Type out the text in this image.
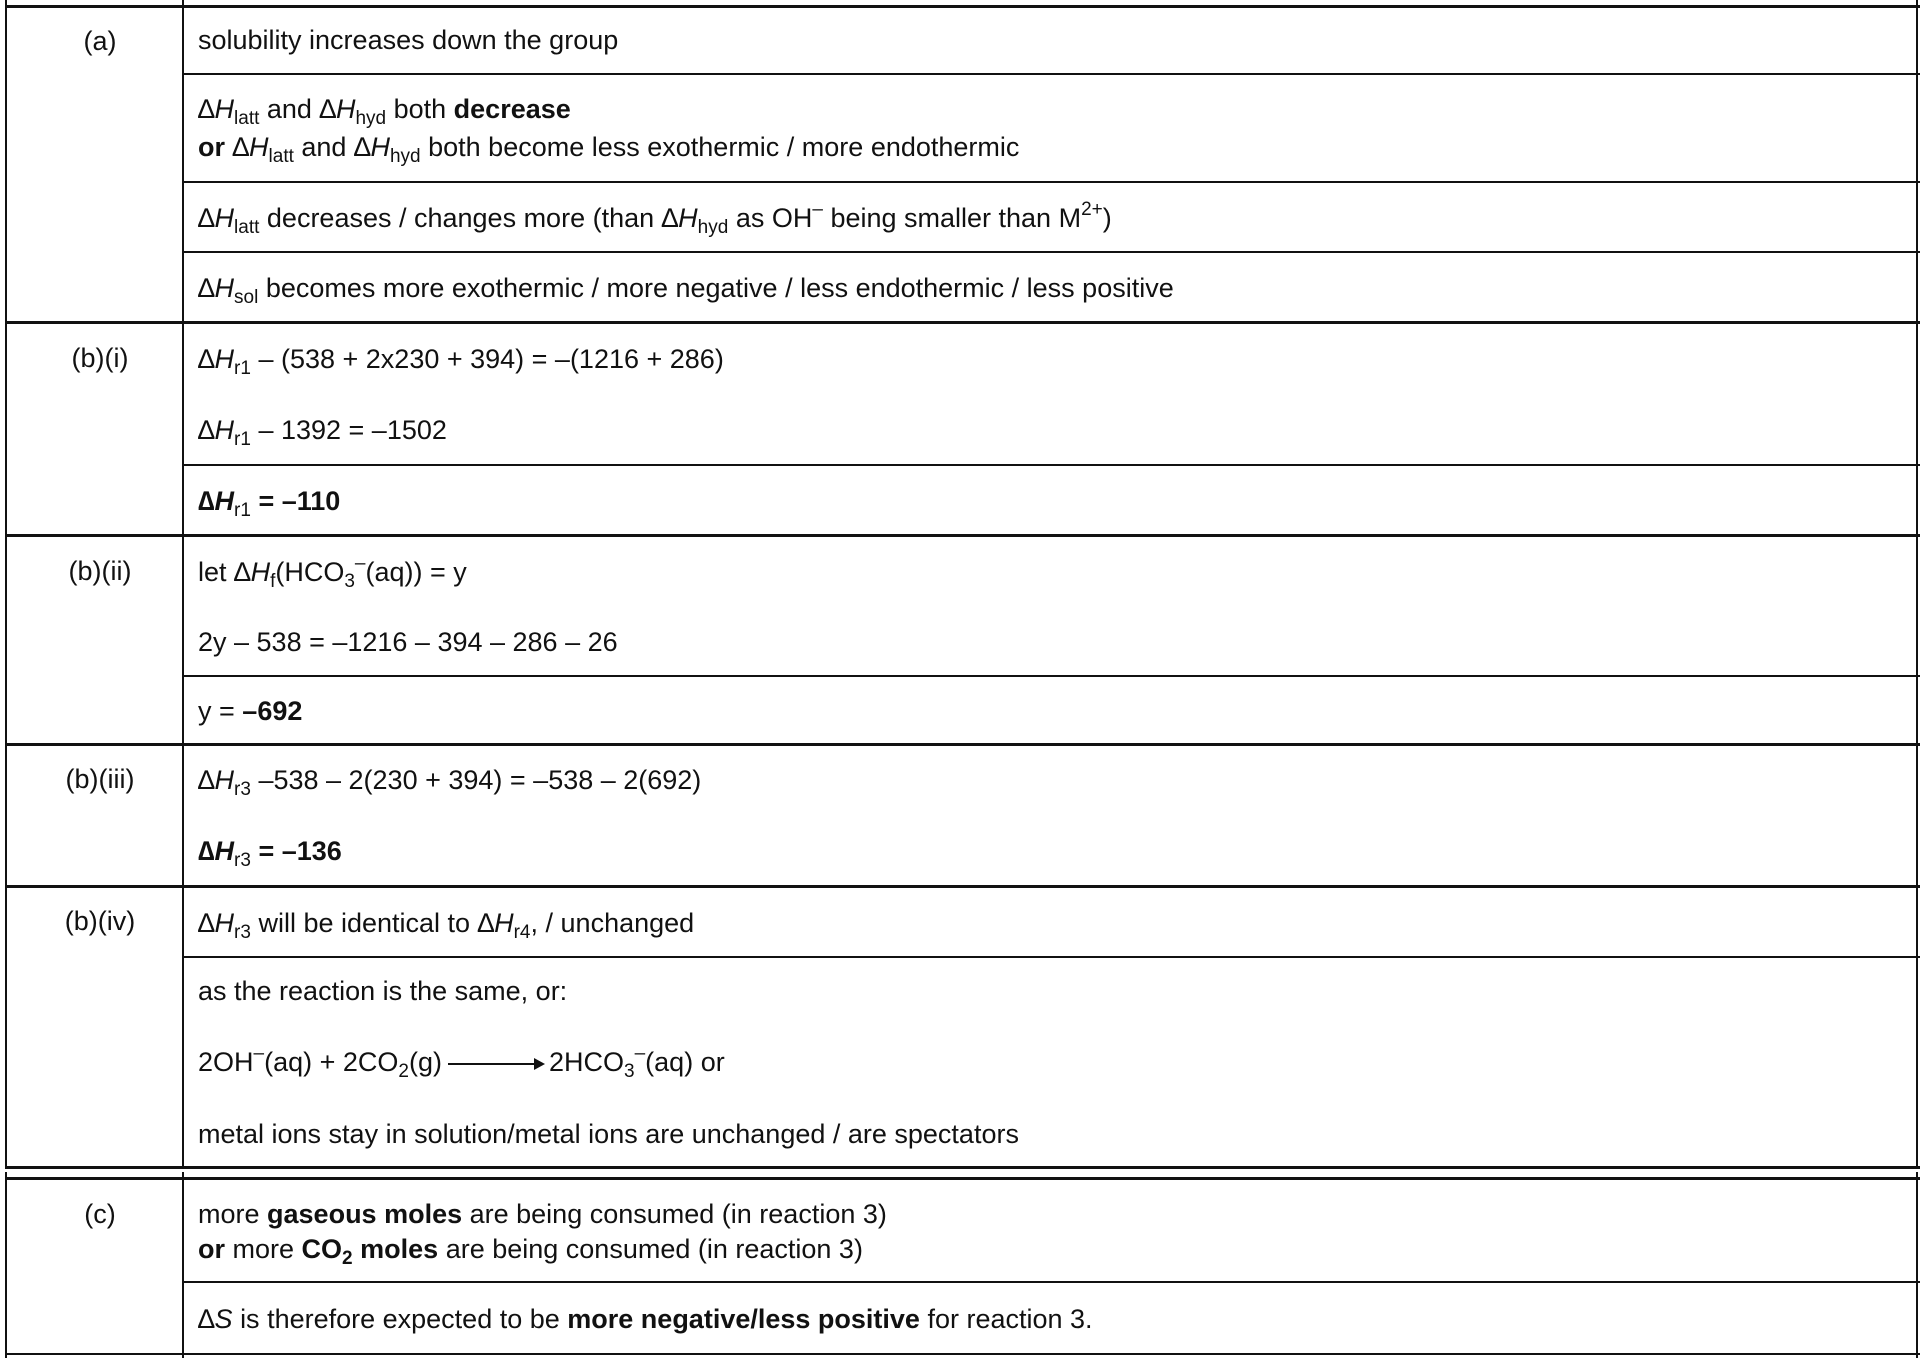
(a)
(b)(i)
(b)(ii)
(b)(iii)
(b)(iv)
(c)
solubility increases down the group
$\Delta H_{latt}$ and $\Delta H_{hyd}$ both decrease
or $\Delta H_{latt}$ and $\Delta H_{hyd}$ both become less exothermic / more endothermic
$\Delta H_{latt}$ decreases / changes more (than $\Delta H_{hyd}$ as OH– being smaller than $M^{2+}$)
$\Delta H_{sol}$ becomes more exothermic / more negative / less endothermic / less positive
$\Delta H_{r1} - (538 + 2x230 + 394) = -(1216 + 286)$
$\Delta H_{r1} - 1392 = -1502$
$\Delta H_{r1} = -110$
let $\Delta H_f(HCO_3^-(aq)) = y$
2y – 538 = –1216 – 394 – 286 – 26
y = –692
$\Delta H_{r3}$ –538 – 2(230 + 394) = –538 – 2(692)
$\Delta H_{r3} = -136$
$\Delta H_{r3}$ will be identical to $\Delta H_{r4}$, / unchanged
as the reaction is the same, or:
$2OH^-(aq) + 2CO_2(g) \to 2HCO_3^-(aq)$ or
metal ions stay in solution/metal ions are unchanged / are spectators
more gaseous moles are being consumed (in reaction 3)
or more $CO_2$ moles are being consumed (in reaction 3)
∆S is therefore expected to be more negative/less positive for reaction 3.
